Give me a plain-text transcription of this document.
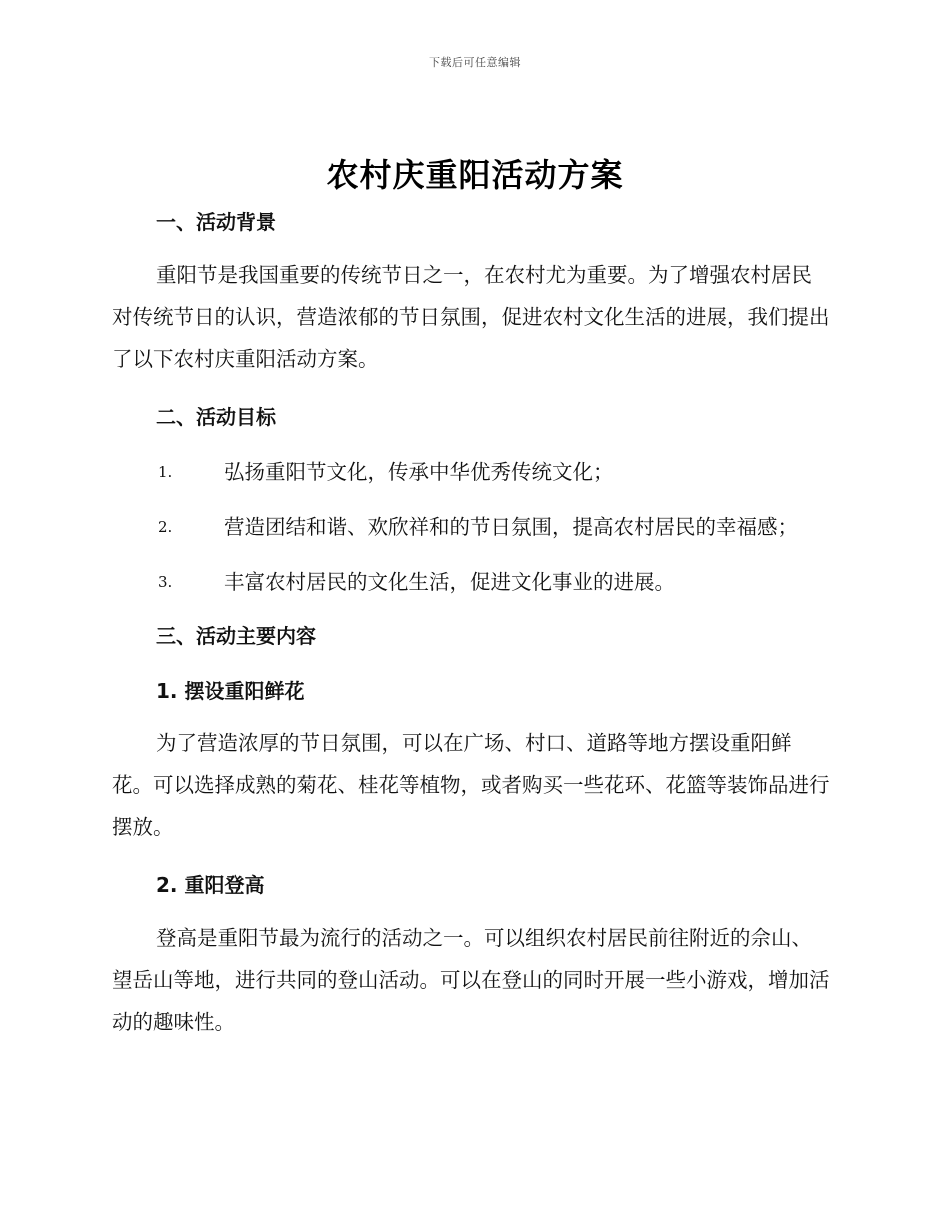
下载后可任意编辑
农村庆重阳活动方案
一、活动背景
重阳节是我国重要的传统节日之一，在农村尤为重要。为了增强农村居民对传统节日的认识，营造浓郁的节日氛围，促进农村文化生活的进展，我们提出了以下农村庆重阳活动方案。
二、活动目标
1.	弘扬重阳节文化，传承中华优秀传统文化；
2.	营造团结和谐、欢欣祥和的节日氛围，提高农村居民的幸福感；
3.	丰富农村居民的文化生活，促进文化事业的进展。
三、活动主要内容
1. 摆设重阳鲜花
为了营造浓厚的节日氛围，可以在广场、村口、道路等地方摆设重阳鲜花。可以选择成熟的菊花、桂花等植物，或者购买一些花环、花篮等装饰品进行摆放。
2. 重阳登高
登高是重阳节最为流行的活动之一。可以组织农村居民前往附近的佘山、望岳山等地，进行共同的登山活动。可以在登山的同时开展一些小游戏，增加活动的趣味性。
